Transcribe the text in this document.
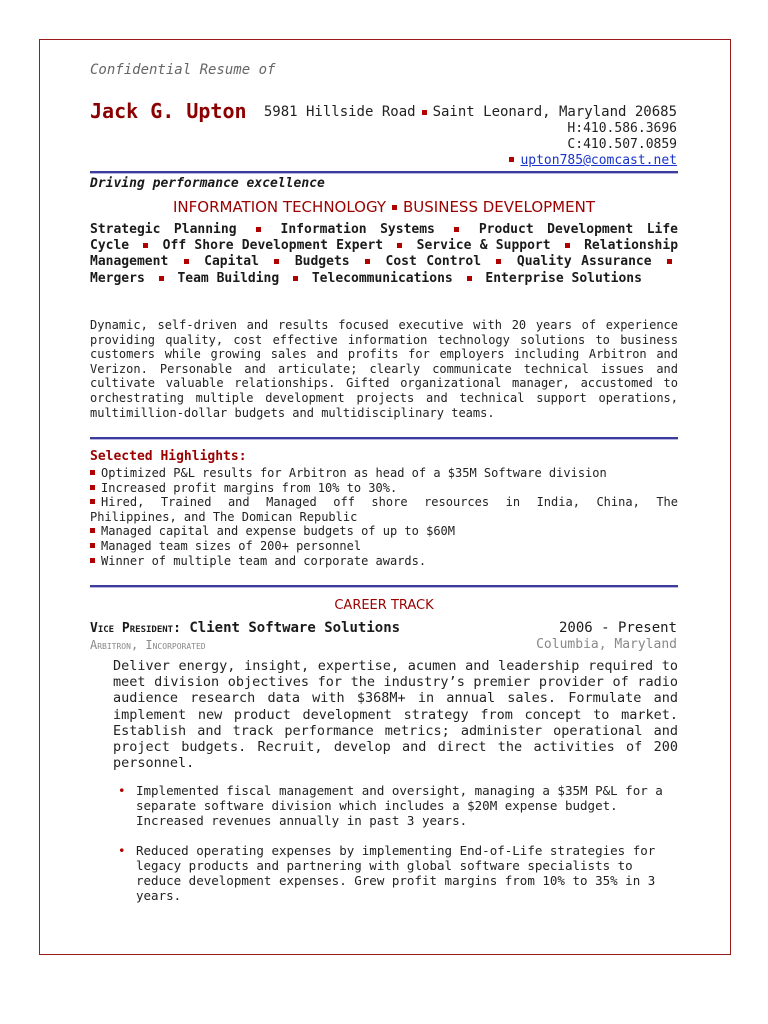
Confidential Resume of
Jack G. Upton 5981 Hillside Road Saint Leonard, Maryland 20685
H:410.586.3696
C:410.507.0859
upton785@comcast.net
Driving performance excellence
INFORMATION TECHNOLOGY BUSINESS DEVELOPMENT
Strategic Planning	Information Systems	Product Development Life Cycle	Off Shore Development Expert	Service & Support	Relationship Management	Capital	Budgets	Cost Control	Quality Assurance  Mergers	Team Building	Telecommunications	Enterprise Solutions
Dynamic, self-driven and results focused executive with 20 years of experience providing quality, cost effective information technology solutions to business customers while growing sales and profits for employers including Arbitron and Verizon. Personable and articulate; clearly communicate technical issues and cultivate valuable relationships. Gifted organizational manager, accustomed to orchestrating multiple development projects and technical support operations, multimillion-dollar budgets and multidisciplinary teams.
Selected Highlights:
Optimized P&L results for Arbitron as head of a $35M Software division
Increased profit margins from 10% to 30%.
Hired, Trained and Managed off shore resources in India, China, The Philippines, and The Domican Republic
Managed capital and expense budgets of up to $60M
Managed team sizes of 200+ personnel
Winner of multiple team and corporate awards.
CAREER TRACK
Vice President: Client Software Solutions	2006 - Present
Arbitron, Incorporated	Columbia, Maryland
Deliver energy, insight, expertise, acumen and leadership required to meet division objectives for the industry’s premier provider of radio audience research data with $368M+ in annual sales. Formulate and implement new product development strategy from concept to market. Establish and track performance metrics; administer operational and project budgets. Recruit, develop and direct the activities of 200 personnel.
• Implemented fiscal management and oversight, managing a $35M P&L for a separate software division which includes a $20M expense budget. Increased revenues annually in past 3 years.
• Reduced operating expenses by implementing End-of-Life strategies for legacy products and partnering with global software specialists to reduce development expenses. Grew profit margins from 10% to 35% in 3 years.
